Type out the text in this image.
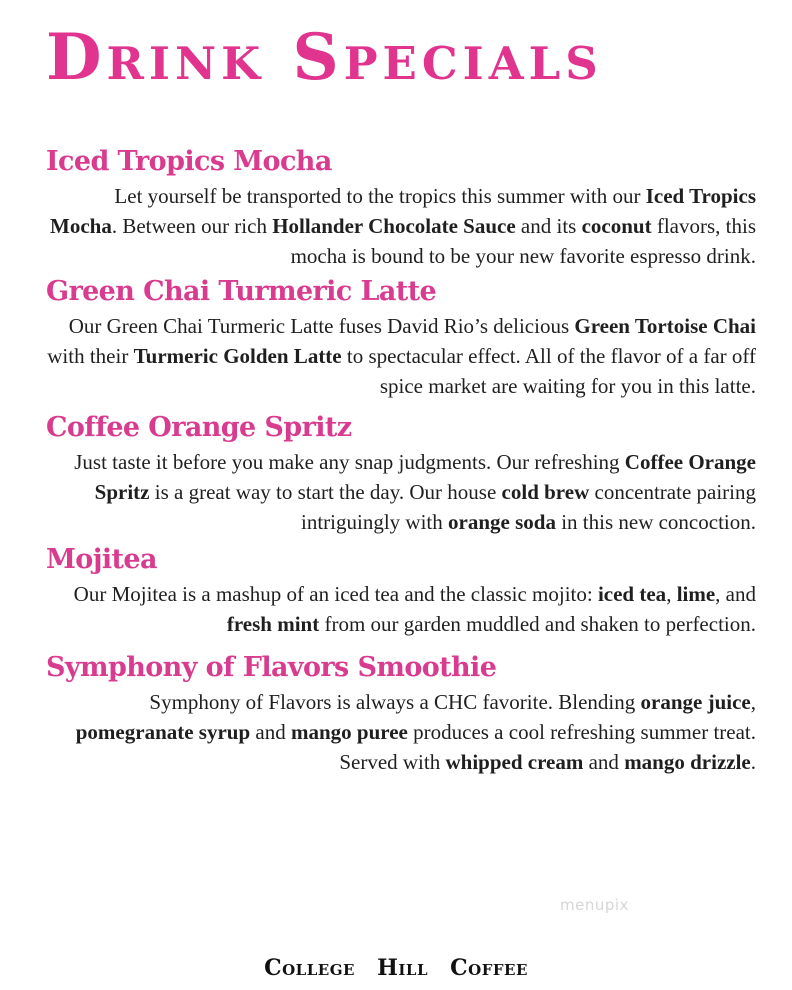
Drink Specials
Iced Tropics Mocha

Let yourself be transported to the tropics this summer with our Iced Tropics Mocha. Between our rich Hollander Chocolate Sauce and its coconut flavors, this mocha is bound to be your new favorite espresso drink.

Green Chai Turmeric Latte

Our Green Chai Turmeric Latte fuses David Rio’s delicious Green Tortoise Chai with their Turmeric Golden Latte to spectacular effect. All of the flavor of a far off spice market are waiting for you in this latte.

Coffee Orange Spritz

Just taste it before you make any snap judgments. Our refreshing Coffee Orange Spritz is a great way to start the day. Our house cold brew concentrate pairing intriguingly with orange soda in this new concoction.

Mojitea

Our Mojitea is a mashup of an iced tea and the classic mojito: iced tea, lime, and fresh mint from our garden muddled and shaken to perfection.

Symphony of Flavors Smoothie

Symphony of Flavors is always a CHC favorite. Blending orange juice, pomegranate syrup and mango puree produces a cool refreshing summer treat. Served with whipped cream and mango drizzle.

menupix
College Hill Coffee
